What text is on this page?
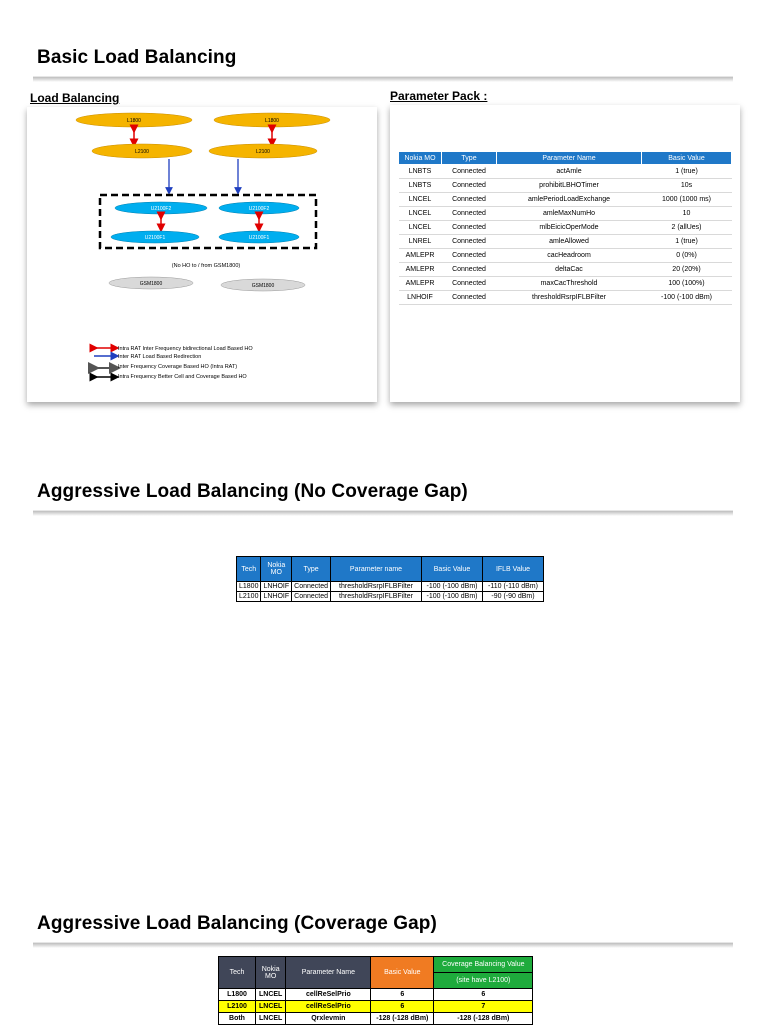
Basic Load Balancing
Load Balancing	Parameter Pack :
L1800	L1800
L2100	L2100
U2100F2	U2100F2
U2100F1	U2100F1
(No HO to / from GSM1800)
GSM1800	GSM1800
Intra RAT Inter Frequency bidirectional Load Based HO
Inter RAT Load Based Redirection
Inter Frequency Coverage Based HO (Intra RAT)
Intra Frequency Better Cell and Coverage Based HO
Nokia MO	Type	Parameter Name	Basic Value
LNBTS	Connected	actAmle	1 (true)
LNBTS	Connected	prohibitLBHOTimer	10s
LNCEL	Connected	amlePeriodLoadExchange	1000 (1000 ms)
LNCEL	Connected	amleMaxNumHo	10
LNCEL	Connected	mlbEicicOperMode	2 (allUes)
LNREL	Connected	amleAllowed	1 (true)
AMLEPR	Connected	cacHeadroom	0 (0%)
AMLEPR	Connected	deltaCac	20 (20%)
AMLEPR	Connected	maxCacThreshold	100 (100%)
LNHOIF	Connected	thresholdRsrpIFLBFilter	-100 (-100 dBm)
Aggressive Load Balancing (No Coverage Gap)
Tech	Nokia MO	Type	Parameter name	Basic Value	IFLB Value
L1800	LNHOIF	Connected	thresholdRsrpIFLBFilter	-100 (-100 dBm)	-110 (-110 dBm)
L2100	LNHOIF	Connected	thresholdRsrpIFLBFilter	-100 (-100 dBm)	-90 (-90 dBm)
Aggressive Load Balancing (Coverage Gap)
Tech	Nokia MO	Parameter Name	Basic Value	Coverage Balancing Value
				(site have L2100)
L1800	LNCEL	cellReSelPrio	6	6
L2100	LNCEL	cellReSelPrio	6	7
Both	LNCEL	Qrxlevmin	-128 (-128 dBm)	-128 (-128 dBm)
